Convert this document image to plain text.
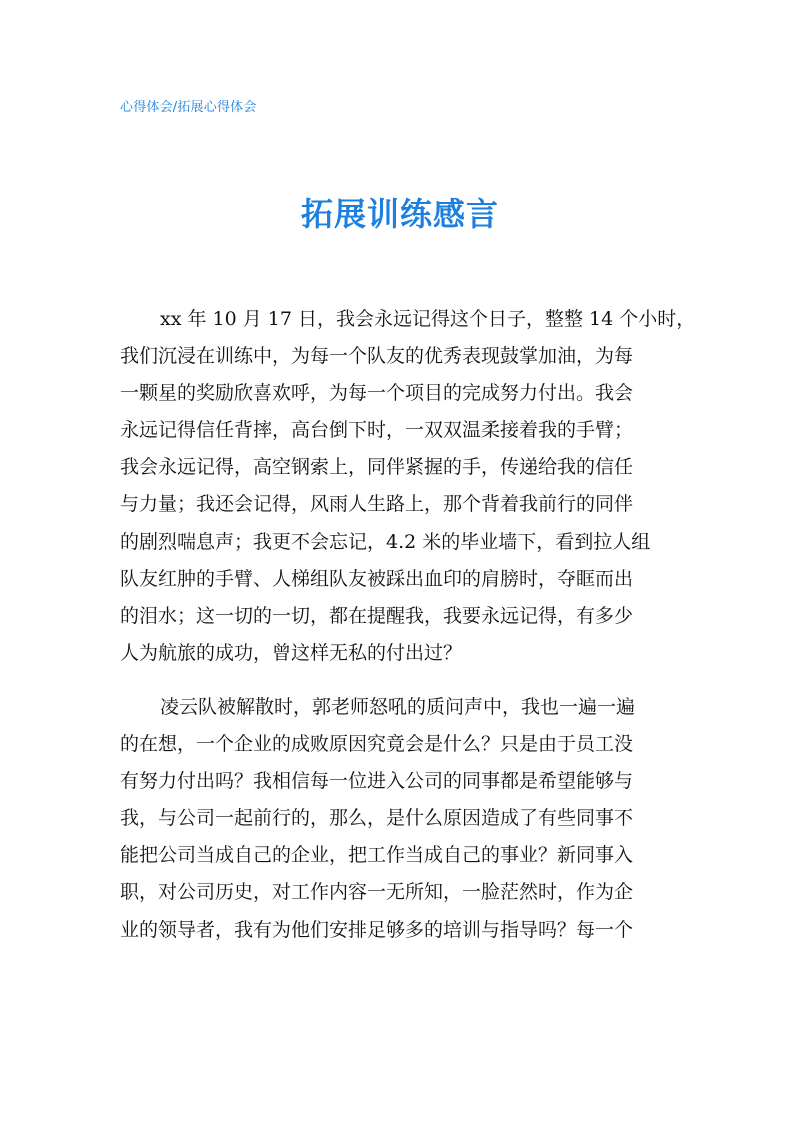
心得体会/拓展心得体会
拓展训练感言
xx 年 10 月 17 日，我会永远记得这个日子，整整 14 个小时，
我们沉浸在训练中，为每一个队友的优秀表现鼓掌加油，为每
一颗星的奖励欣喜欢呼，为每一个项目的完成努力付出。我会
永远记得信任背摔，高台倒下时，一双双温柔接着我的手臂；
我会永远记得，高空钢索上，同伴紧握的手，传递给我的信任
与力量；我还会记得，风雨人生路上，那个背着我前行的同伴
的剧烈喘息声；我更不会忘记，4.2 米的毕业墙下，看到拉人组
队友红肿的手臂、人梯组队友被踩出血印的肩膀时，夺眶而出
的泪水；这一切的一切，都在提醒我，我要永远记得，有多少
人为航旅的成功，曾这样无私的付出过？
凌云队被解散时，郭老师怒吼的质问声中，我也一遍一遍
的在想，一个企业的成败原因究竟会是什么？只是由于员工没
有努力付出吗？我相信每一位进入公司的同事都是希望能够与
我，与公司一起前行的，那么，是什么原因造成了有些同事不
能把公司当成自己的企业，把工作当成自己的事业？新同事入
职，对公司历史，对工作内容一无所知，一脸茫然时，作为企
业的领导者，我有为他们安排足够多的培训与指导吗？每一个
